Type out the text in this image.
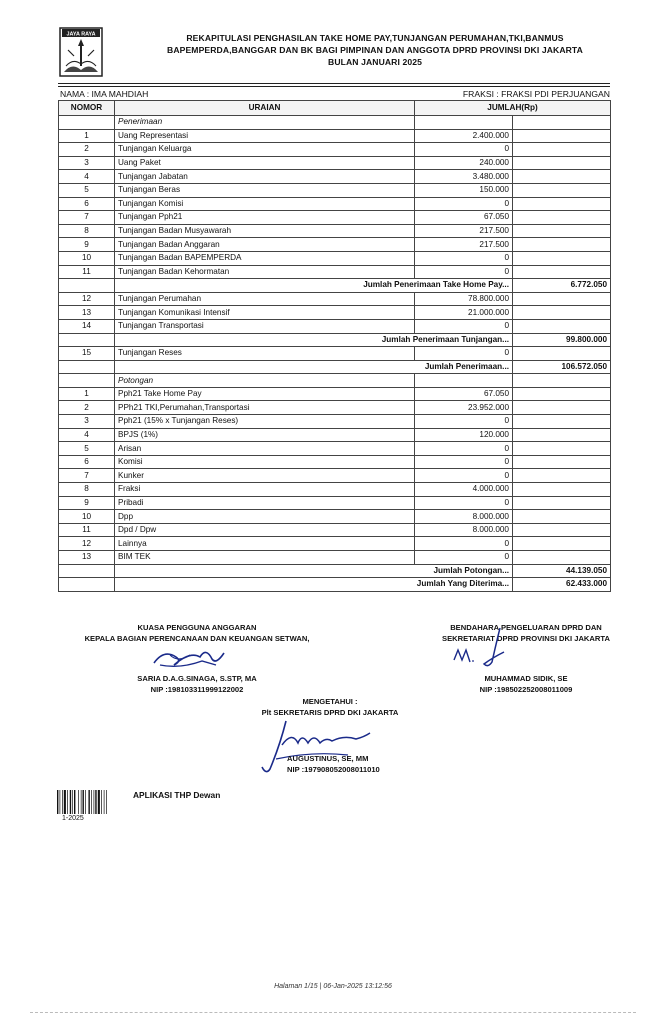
JAYA RAYA	REKAPITULASI PENGHASILAN TAKE HOME PAY,TUNJANGAN PERUMAHAN,TKI,BANMUS
BAPEMPERDA,BANGGAR DAN BK BAGI PIMPINAN DAN ANGGOTA DPRD PROVINSI DKI JAKARTA
BULAN JANUARI 2025
NAMA : IMA MAHDIAH	FRAKSI : FRAKSI PDI PERJUANGAN
NOMOR	URAIAN	JUMLAH(Rp)	
	Penerimaan		
1	Uang Representasi	2.400.000	
2	Tunjangan Keluarga	0	
3	Uang Paket	240.000	
4	Tunjangan Jabatan	3.480.000	
5	Tunjangan Beras	150.000	
6	Tunjangan Komisi	0	
7	Tunjangan Pph21	67.050	
8	Tunjangan Badan Musyawarah	217.500	
9	Tunjangan Badan Anggaran	217.500	
10	Tunjangan Badan BAPEMPERDA	0	
11	Tunjangan Badan Kehormatan	0	
	Jumlah Penerimaan Take Home Pay...		6.772.050
12	Tunjangan Perumahan	78.800.000	
13	Tunjangan Komunikasi Intensif	21.000.000	
14	Tunjangan Transportasi	0	
	Jumlah Penerimaan Tunjangan...		99.800.000
15	Tunjangan Reses	0	
	Jumlah Penerimaan...		106.572.050
	Potongan		
1	Pph21 Take Home Pay	67.050	
2	PPh21 TKI,Perumahan,Transportasi	23.952.000	
3	Pph21 (15% x Tunjangan Reses)	0	
4	BPJS (1%)	120.000	
5	Arisan	0	
6	Komisi	0	
7	Kunker	0	
8	Fraksi	4.000.000	
9	Pribadi	0	
10	Dpp	8.000.000	
11	Dpd / Dpw	8.000.000	
12	Lainnya	0	
13	BIM TEK	0	
	Jumlah Potongan...		44.139.050
	Jumlah Yang Diterima...		62.433.000
KUASA PENGGUNA ANGGARAN
KEPALA BAGIAN PERENCANAAN DAN KEUANGAN SETWAN,
BENDAHARA PENGELUARAN DPRD DAN
SEKRETARIAT DPRD PROVINSI DKI JAKARTA
SARIA D.A.G.SINAGA, S.STP, MA
NIP :198103311999122002
MUHAMMAD SIDIK, SE
NIP :198502252008011009
MENGETAHUI :
Plt SEKRETARIS DPRD DKI JAKARTA
AUGUSTINUS, SE, MM
NIP :197908052008011010
1-2025
APLIKASI THP Dewan
Halaman 1/15 | 06-Jan-2025 13:12:56
